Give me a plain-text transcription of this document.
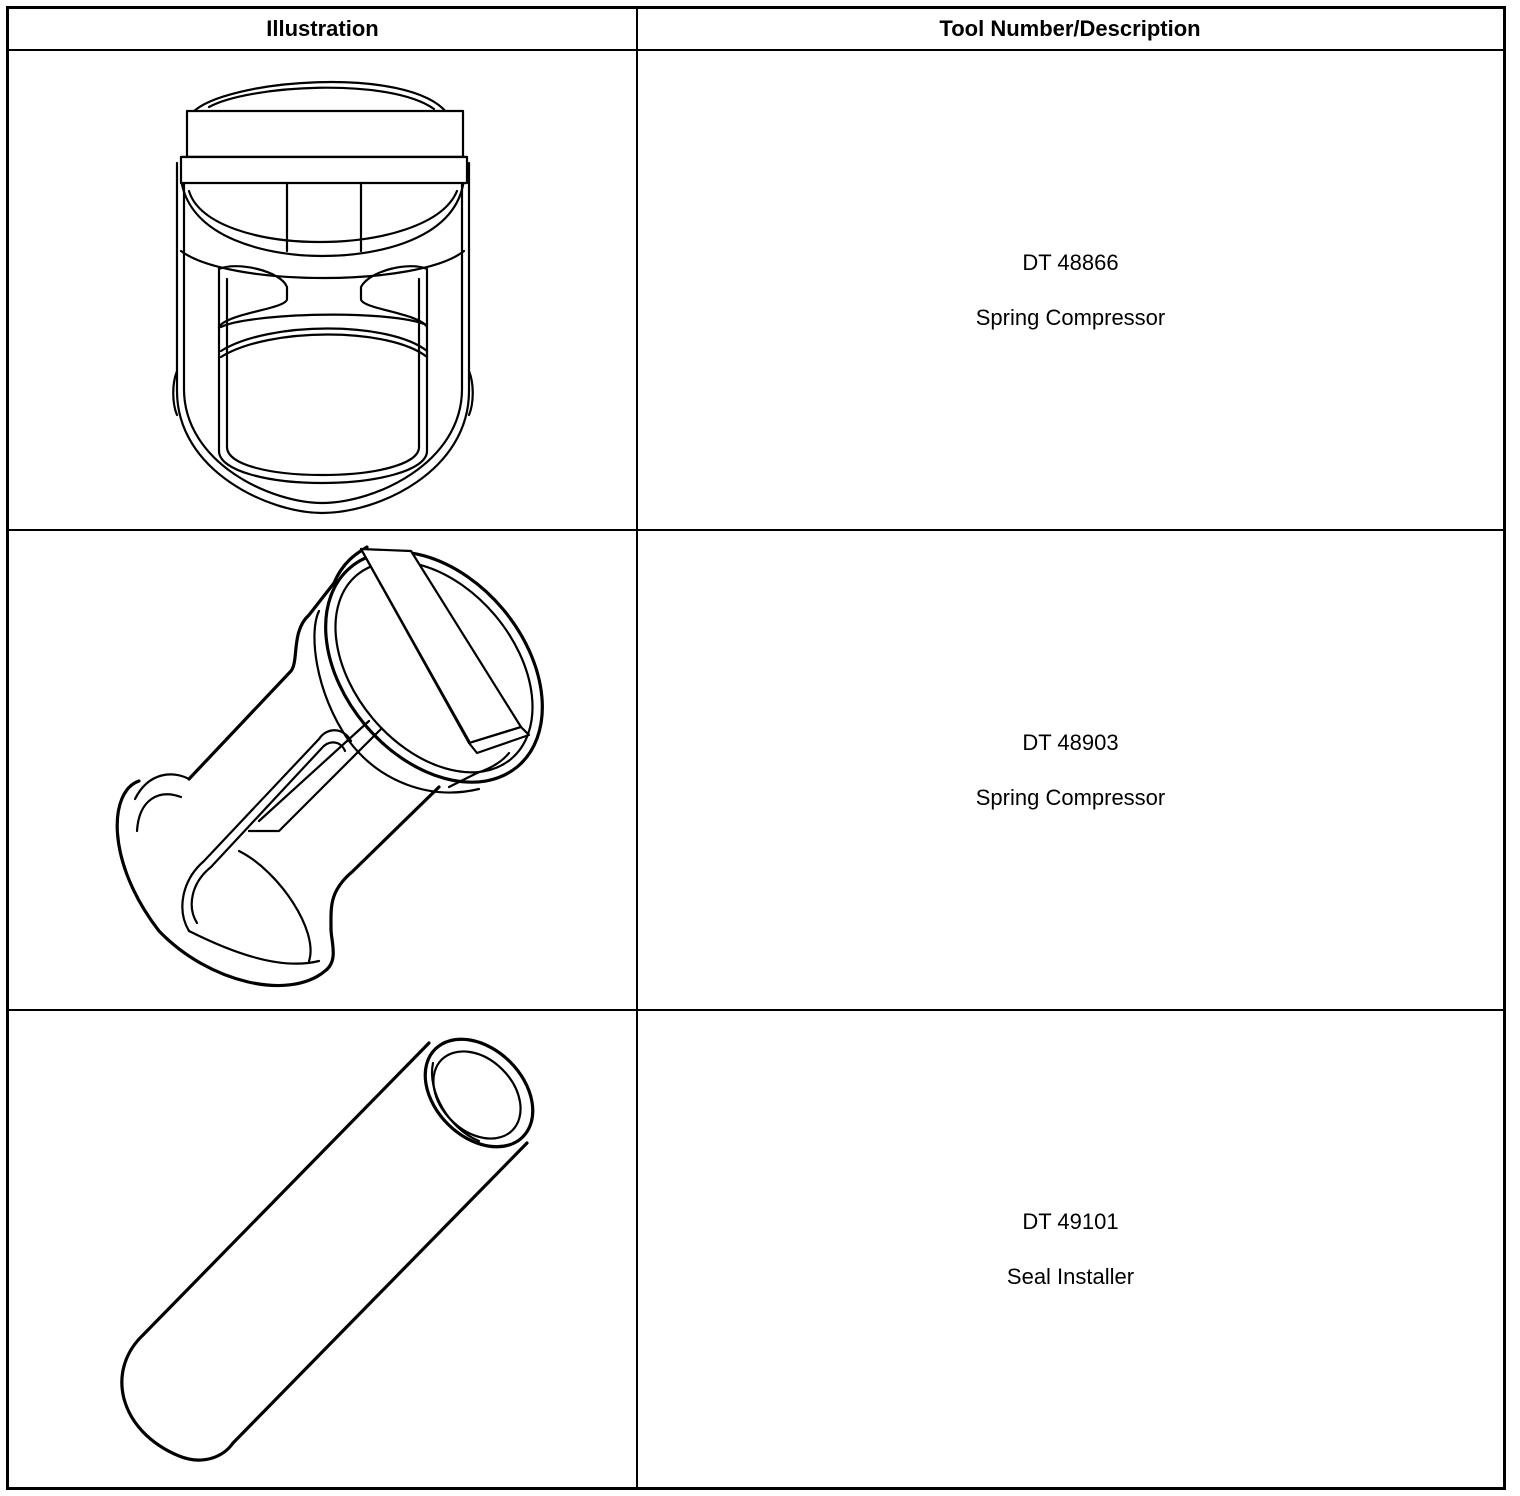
Illustration	Tool Number/Description
DT 48866
Spring Compressor
DT 48903
Spring Compressor
DT 49101
Seal Installer
